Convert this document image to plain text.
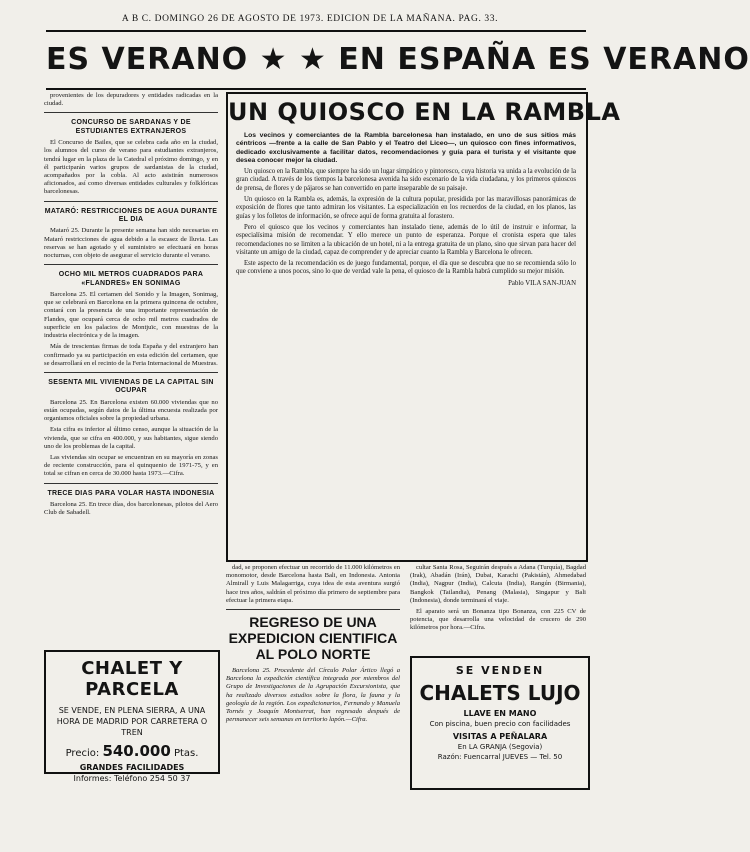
A B C. DOMINGO 26 DE AGOSTO DE 1973. EDICION DE LA MAÑANA. PAG. 33.
ES VERANO ★ ★ EN ESPAÑA ES VERANO

provenientes de los depuradores y entidades radicadas en la ciudad.

CONCURSO DE SARDANAS Y DE ESTUDIANTES EXTRANJEROS

El Concurso de Bailes, que se celebra cada año en la ciudad, los alumnos del curso de verano para estudiantes extranjeros, tendrá lugar en la plaza de la Catedral el próximo domingo, y en él participarán varios grupos de sardanistas de la ciudad, acompañados por la cobla. Al acto asistirán numerosos aficionados, así como diversas entidades culturales y folklóricas barcelonesas.

MATARÓ: RESTRICCIONES DE AGUA DURANTE EL DIA

Mataró 25. Durante la presente semana han sido necesarias en Mataró restricciones de agua debido a la escasez de lluvia. Las reservas se han agotado y el suministro se efectuará en horas nocturnas, con objeto de asegurar el servicio durante el verano.

OCHO MIL METROS CUADRADOS PARA «FLANDRES» EN SONIMAG

Barcelona 25. El certamen del Sonido y la Imagen, Sonimag, que se celebrará en Barcelona en la primera quincena de octubre, contará con la presencia de una importante representación de Flandes, que ocupará cerca de ocho mil metros cuadrados de superficie en los palacios de Montjuïc, con muestras de la industria electrónica y de la imagen.

Más de trescientas firmas de toda España y del extranjero han confirmado ya su participación en esta edición del certamen, que se desarrollará en el recinto de la Feria Internacional de Muestras.

SESENTA MIL VIVIENDAS DE LA CAPITAL SIN OCUPAR

Barcelona 25. En Barcelona existen 60.000 viviendas que no están ocupadas, según datos de la última encuesta realizada por organismos oficiales sobre la propiedad urbana.

Esta cifra es inferior al último censo, aunque la situación de la vivienda, que se cifra en 400.000, y sus habitantes, sigue siendo uno de los problemas de la capital.

Las viviendas sin ocupar se encuentran en su mayoría en zonas de reciente construcción, para el quinquenio de 1971-75, y en total se cifran en cerca de 30.000 hasta 1973.—Cifra.

TRECE DIAS PARA VOLAR HASTA INDONESIA

Barcelona 25. En trece días, dos barcelonesas, pilotos del Aero Club de Sabadell.

UN QUIOSCO EN LA RAMBLA

Los vecinos y comerciantes de la Rambla barcelonesa han instalado, en uno de sus sitios más céntricos —frente a la calle de San Pablo y el Teatro del Liceo—, un quiosco con fines informativos, dedicado exclusivamente a facilitar datos, recomendaciones y guía para el turista y el visitante que desea conocer mejor la ciudad.

Un quiosco en la Rambla, que siempre ha sido un lugar simpático y pintoresco, cuya historia va unida a la evolución de la gran ciudad. A través de los tiempos la barcelonesa avenida ha sido escenario de la vida ciudadana, y los primeros quioscos de prensa, de flores y de pájaros se han convertido en parte inseparable de su paisaje.

Un quiosco en la Rambla es, además, la expresión de la cultura popular, presidida por las maravillosas panorámicas de exposición de flores que tanto admiran los visitantes. La especialización en los recuerdos de la ciudad, en los planos, las guías y los folletos de información, se ofrece aquí de forma gratuita al forastero.

Pero el quiosco que los vecinos y comerciantes han instalado tiene, además de lo útil de instruir e informar, la especialísima misión de recomendar. Y ello merece un punto de esperanza. Porque el cronista espera que tales recomendaciones no se limiten a la ubicación de un hotel, ni a la entrega gratuita de un plano, sino que sirvan para hacer del visitante un amigo de la ciudad, capaz de comprender y de apreciar cuanto la Rambla y Barcelona le ofrecen.

Este aspecto de la recomendación es de juego fundamental, porque, el día que se descubra que no se recomienda sólo lo que conviene a unos pocos, sino lo que de verdad vale la pena, el quiosco de la Rambla habrá cumplido su mejor misión.

Pablo VILA SAN-JUAN

dad, se proponen efectuar un recorrido de 11.000 kilómetros en monomotor, desde Barcelona hasta Bali, en Indonesia. Antonia Almirall y Luis Malagarriga, cuya idea de esta aventura surgió hace tres años, saldrán el próximo día primero de septiembre para efectuar la primera etapa.

REGRESO DE UNA EXPEDICION CIENTIFICA AL POLO NORTE

Barcelona 25. Procedente del Círculo Polar Ártico llegó a Barcelona la expedición científica integrada por miembros del Grupo de Investigaciones de la Agrupación Excursionista, que ha realizado diversos estudios sobre la flora, la fauna y la geología de la región. Los expedicionarios, Fernando y Manuela Tornés y Joaquín Montserrat, han regresado después de permanecer seis semanas en territorio lapón.—Cifra.

cultar Santa Rosa, Seguirán después a Adana (Turquía), Bagdad (Irak), Abadán (Irán), Dubai, Karachi (Pakistán), Ahmedabad (India), Nagpur (India), Calcuta (India), Rangún (Birmania), Bangkok (Tailandia), Penang (Malasia), Singapur y Bali (Indonesia), donde terminará el viaje.

El aparato será un Bonanza tipo Bonanza, con 225 CV de potencia, que desarrolla una velocidad de crucero de 290 kilómetros por hora.—Cifra.

CHALET Y PARCELA
SE VENDE, EN PLENA SIERRA, A UNA HORA DE MADRID POR CARRETERA O TREN
Precio: 540.000 Ptas.
GRANDES FACILIDADES
Informes: Teléfono 254 50 37
SE VENDEN
CHALETS LUJO
LLAVE EN MANO
Con piscina, buen precio con facilidades
VISITAS A PEÑALARA
En LA GRANJA (Segovia)
Razón: Fuencarral JUEVES — Tel. 50
